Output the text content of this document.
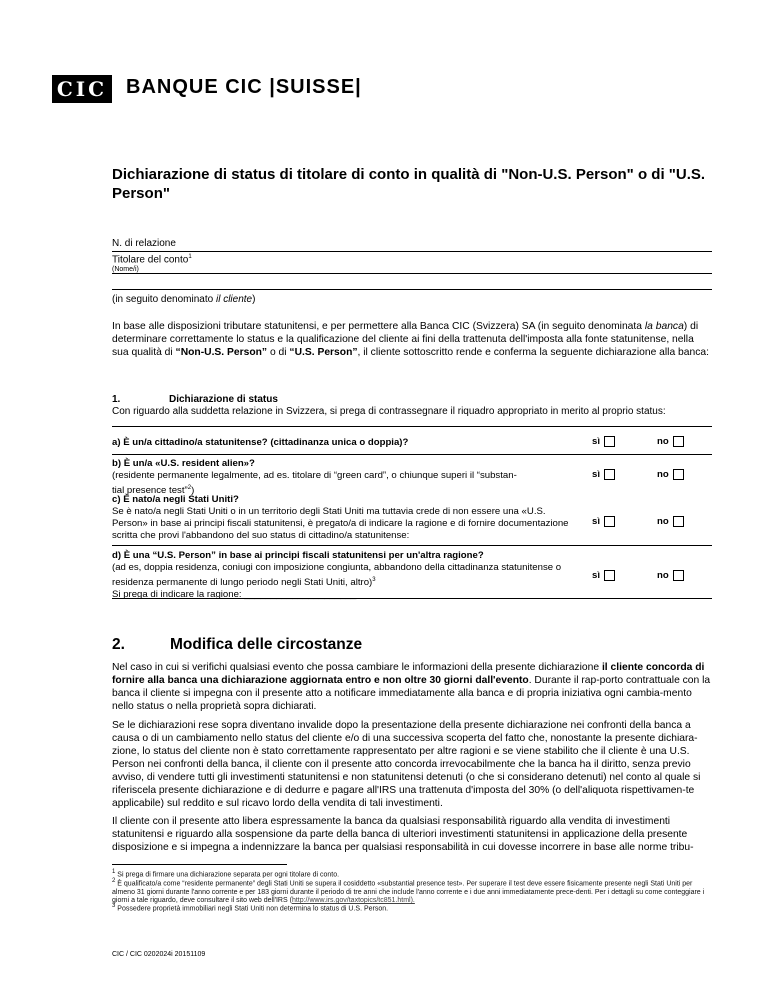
CIC BANQUE CIC |SUISSE|
Dichiarazione di status di titolare di conto in qualità di "Non-U.S. Person" o di "U.S. Person"
N. di relazione
Titolare del conto$^1$
(Nome/i)
(in seguito denominato il cliente)
In base alle disposizioni tributare statunitensi, e per permettere alla Banca CIC (Svizzera) SA (in seguito denominata la banca) di determinare correttamente lo status e la qualificazione del cliente ai fini della trattenuta dell'imposta alla fonte statunitense, nella sua qualità di “Non-U.S. Person” o di “U.S. Person”, il cliente sottoscritto rende e conferma la seguente dichiarazione alla banca:
1.	Dichiarazione di status
Con riguardo alla suddetta relazione in Svizzera, si prega di contrassegnare il riquadro appropriato in merito al proprio status:
a) È un/a cittadino/a statunitense? (cittadinanza unica o doppia)?	sì	no
b) È un/a «U.S. resident alien»?
(residente permanente legalmente, ad es. titolare di “green card”, o chiunque superi il “substan-
tial presence test”$^2$)
sì	no
c) È nato/a negli Stati Uniti?
Se è nato/a negli Stati Uniti o in un territorio degli Stati Uniti ma tuttavia crede di non essere una «U.S. Person» in base ai principi fiscali statunitensi, è pregato/a di indicare la ragione e di fornire documentazione scritta che provi l'abbandono del suo status di cittadino/a statunitense:
sì	no
d) È una “U.S. Person” in base ai principi fiscali statunitensi per un'altra ragione?
(ad es, doppia residenza, coniugi con imposizione congiunta, abbandono della cittadinanza statunitense o residenza permanente di lungo periodo negli Stati Uniti, altro)$^3$
Si prega di indicare la ragione: _____________________
sì	no
2.	Modifica delle circostanze
Nel caso in cui si verifichi qualsiasi evento che possa cambiare le informazioni della presente dichiarazione il cliente concorda di fornire alla banca una dichiarazione aggiornata entro e non oltre 30 giorni dall'evento. Durante il rap-porto contrattuale con la banca il cliente si impegna con il presente atto a notificare immediatamente alla banca e di propria iniziativa ogni cambia-mento nello status o nella proprietà sopra dichiarati.
Se le dichiarazioni rese sopra diventano invalide dopo la presentazione della presente dichiarazione nei confronti della banca a causa o di un cambiamento nello status del cliente e/o di una successiva scoperta del fatto che, nonostante la presente dichiara-zione, lo status del cliente non è stato correttamente rappresentato per altre ragioni e se viene stabilito che il cliente è una U.S. Person nei confronti della banca, il cliente con il presente atto concorda irrevocabilmente che la banca ha il diritto, senza previo avviso, di vendere tutti gli investimenti statunitensi e non statunitensi detenuti (o che si considerano detenuti) nel conto al quale si riferiscela presente dichiarazione e di dedurre e pagare all'IRS una trattenuta d'imposta del 30% (o dell'aliquota rispettivamen-te applicabile) sul reddito e sul ricavo lordo della vendita di tali investimenti.
Il cliente con il presente atto libera espressamente la banca da qualsiasi responsabilità riguardo alla vendita di investimenti statunitensi e riguardo alla sospensione da parte della banca di ulteriori investimenti statunitensi in applicazione della presente disposizione e si impegna a indennizzare la banca per qualsiasi responsabilità in cui dovesse incorrere in base alle norme tribu-
$^1$ Si prega di firmare una dichiarazione separata per ogni titolare di conto.
$^2$ È qualificato/a come “residente permanente” degli Stati Uniti se supera il cosiddetto «substantial presence test». Per superare il test deve essere fisicamente presente negli Stati Uniti per almeno 31 giorni durante l'anno corrente e per 183 giorni durante il periodo di tre anni che include l'anno corrente e i due anni immediatamente prece-denti. Per i dettagli su come conteggiare i giorni a tale riguardo, deve consultare il sito web dell'IRS (http://www.irs.gov/taxtopics/tc851.html).
$^3$ Possedere proprietà immobiliari negli Stati Uniti non determina lo status di U.S. Person.
CIC / CIC 0202024i 20151109
